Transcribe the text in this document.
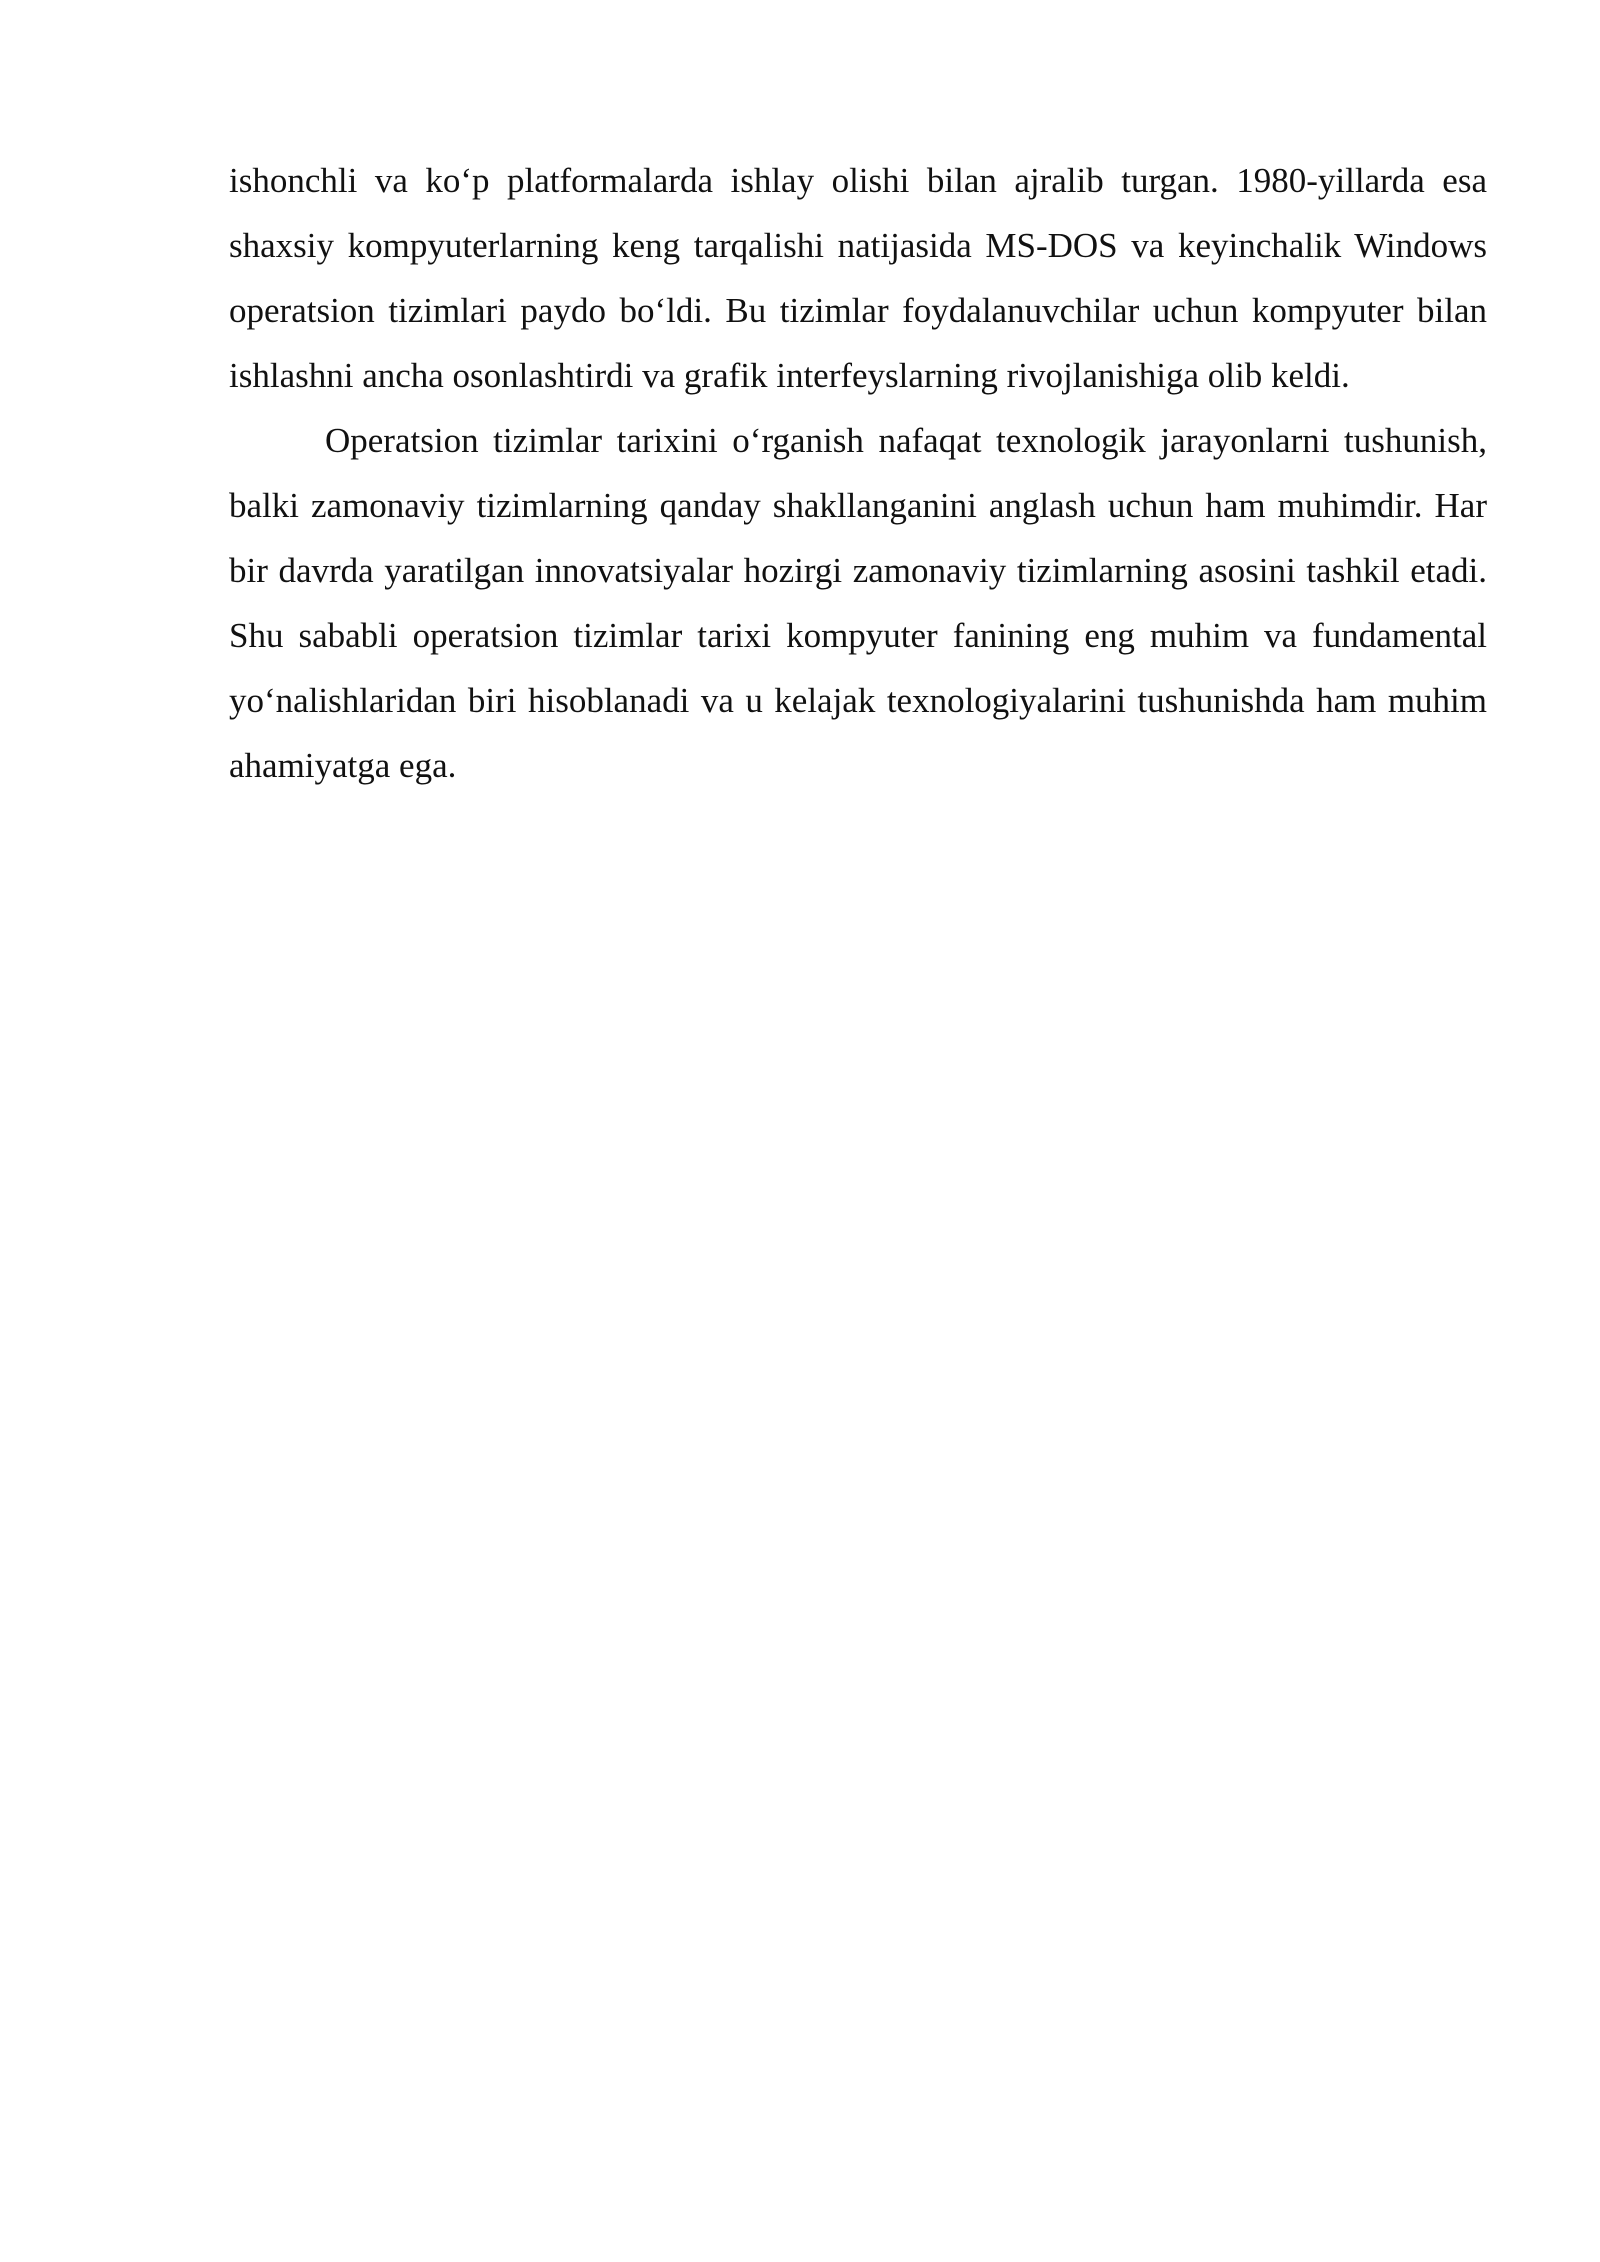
ishonchli va ko‘p platformalarda ishlay olishi bilan ajralib turgan. 1980-yillarda esa shaxsiy kompyuterlarning keng tarqalishi natijasida MS-DOS va keyinchalik Windows operatsion tizimlari paydo bo‘ldi. Bu tizimlar foydalanuvchilar uchun kompyuter bilan ishlashni ancha osonlashtirdi va grafik interfeyslarning rivojlanishiga olib keldi.

Operatsion tizimlar tarixini o‘rganish nafaqat texnologik jarayonlarni tushunish, balki zamonaviy tizimlarning qanday shakllanganini anglash uchun ham muhimdir. Har bir davrda yaratilgan innovatsiyalar hozirgi zamonaviy tizimlarning asosini tashkil etadi. Shu sababli operatsion tizimlar tarixi kompyuter fanining eng muhim va fundamental yo‘nalishlaridan biri hisoblanadi va u kelajak texnologiyalarini tushunishda ham muhim ahamiyatga ega.
